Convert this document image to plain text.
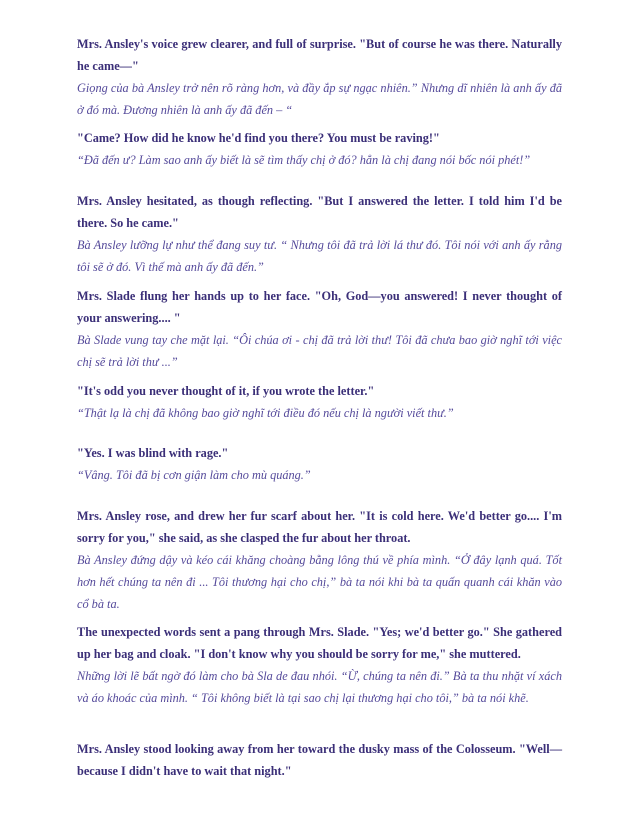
Mrs. Ansley's voice grew clearer, and full of surprise. "But of course he was there. Naturally he came—"

Giọng của bà Ansley trở nên rõ ràng hơn, và đầy ắp sự ngạc nhiên.” Nhưng dĩ nhiên là anh ấy đã ở đó mà. Đương nhiên là anh ấy đã đến – “

"Came? How did he know he'd find you there? You must be raving!"

“Đã đến ư? Làm sao anh ấy biết là sẽ tìm thấy chị ở đó? hẳn là chị đang nói bốc nói phét!”

Mrs. Ansley hesitated, as though reflecting. "But I answered the letter. I told him I'd be there. So he came."

Bà Ansley lưỡng lự như thể đang suy tư. “ Nhưng tôi đã trả lời lá thư đó. Tôi nói với anh ấy rằng tôi sẽ ở đó. Vì thế mà anh ấy đã đến.”

Mrs. Slade flung her hands up to her face. "Oh, God—you answered! I never thought of your answering.... "

Bà Slade vung tay che mặt lại. “Ôi chúa ơi - chị đã trả lời thư! Tôi đã chưa bao giờ nghĩ tới việc chị sẽ trả lời thư ...”

"It's odd you never thought of it, if you wrote the letter."

“Thật lạ là chị đã không bao giờ nghĩ tới điều đó nếu chị là người viết thư.”

"Yes. I was blind with rage."

“Vâng. Tôi đã bị cơn giận làm cho mù quáng.”

Mrs. Ansley rose, and drew her fur scarf about her. "It is cold here. We'd better go.... I'm sorry for you," she said, as she clasped the fur about her throat.

Bà Ansley đứng dậy và kéo cái khăng choàng bằng lông thú về phía mình. “Ở đây lạnh quá. Tốt hơn hết chúng ta nên đi ... Tôi thương hại cho chị,” bà ta nói khi bà ta quấn quanh cái khăn vào cổ bà ta.

The unexpected words sent a pang through Mrs. Slade. "Yes; we'd better go." She gathered up her bag and cloak. "I don't know why you should be sorry for me," she muttered.

Những lời lẽ bất ngờ đó làm cho bà Sla de đau nhói. “Ừ, chúng ta nên đi.” Bà ta thu nhặt ví xách và áo khoác của mình. “ Tôi không biết là tại sao chị lại thương hại cho tôi,” bà ta nói khẽ.

Mrs. Ansley stood looking away from her toward the dusky mass of the Colosseum. "Well—because I didn't have to wait that night."
